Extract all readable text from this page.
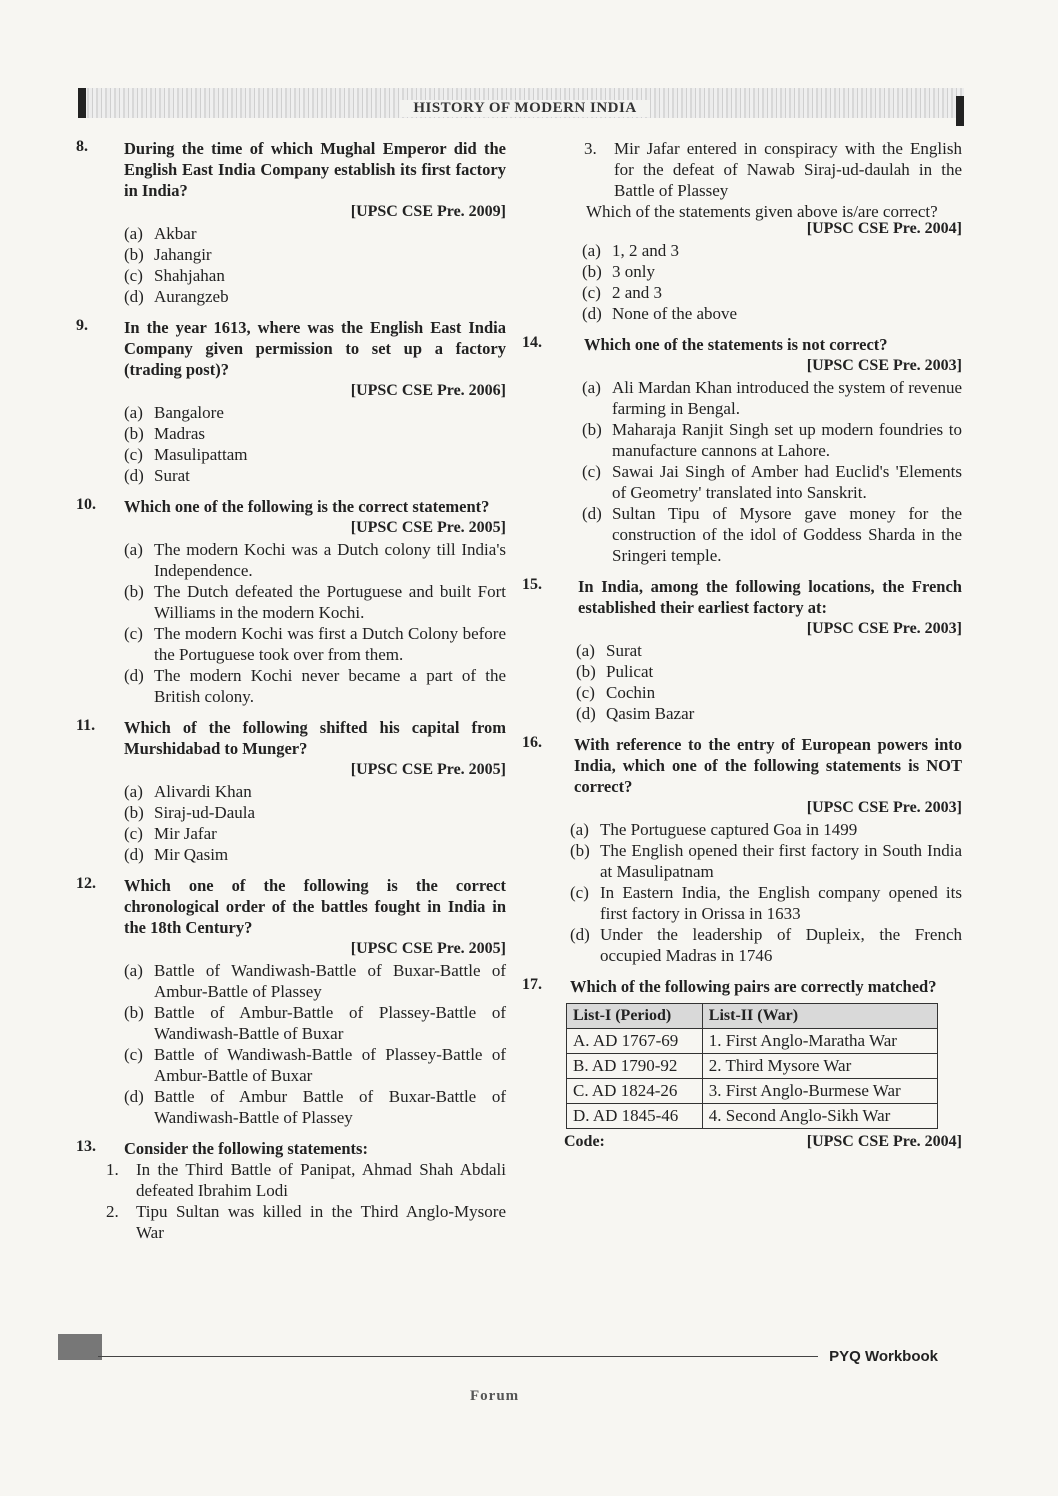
HISTORY OF MODERN INDIA
8. During the time of which Mughal Emperor did the English East India Company establish its first factory in India?
[UPSC CSE Pre. 2009]
(a) Akbar
(b) Jahangir
(c) Shahjahan
(d) Aurangzeb
9. In the year 1613, where was the English East India Company given permission to set up a factory (trading post)?
[UPSC CSE Pre. 2006]
(a) Bangalore
(b) Madras
(c) Masulipattam
(d) Surat
10. Which one of the following is the correct statement?
[UPSC CSE Pre. 2005]
(a) The modern Kochi was a Dutch colony till India's Independence.
(b) The Dutch defeated the Portuguese and built Fort Williams in the modern Kochi.
(c) The modern Kochi was first a Dutch Colony before the Portuguese took over from them.
(d) The modern Kochi never became a part of the British colony.
11. Which of the following shifted his capital from Murshidabad to Munger?
[UPSC CSE Pre. 2005]
(a) Alivardi Khan
(b) Siraj-ud-Daula
(c) Mir Jafar
(d) Mir Qasim
12. Which one of the following is the correct chronological order of the battles fought in India in the 18th Century?
[UPSC CSE Pre. 2005]
(a) Battle of Wandiwash-Battle of Buxar-Battle of Ambur-Battle of Plassey
(b) Battle of Ambur-Battle of Plassey-Battle of Wandiwash-Battle of Buxar
(c) Battle of Wandiwash-Battle of Plassey-Battle of Ambur-Battle of Buxar
(d) Battle of Ambur Battle of Buxar-Battle of Wandiwash-Battle of Plassey
13. Consider the following statements:
1.	In the Third Battle of Panipat, Ahmad Shah Abdali defeated Ibrahim Lodi
2.	Tipu Sultan was killed in the Third Anglo-Mysore War
3.	Mir Jafar entered in conspiracy with the English for the defeat of Nawab Siraj-ud-daulah in the Battle of Plassey
Which of the statements given above is/are correct?
[UPSC CSE Pre. 2004]
(a) 1, 2 and 3
(b) 3 only
(c) 2 and 3
(d) None of the above
14.	Which one of the statements is not correct?
[UPSC CSE Pre. 2003]
(a) Ali Mardan Khan introduced the system of revenue farming in Bengal.
(b) Maharaja Ranjit Singh set up modern foundries to manufacture cannons at Lahore.
(c) Sawai Jai Singh of Amber had Euclid's 'Elements of Geometry' translated into Sanskrit.
(d) Sultan Tipu of Mysore gave money for the construction of the idol of Goddess Sharda in the Sringeri temple.
15. In India, among the following locations, the French established their earliest factory at:
[UPSC CSE Pre. 2003]
(a) Surat
(b) Pulicat
(c) Cochin
(d) Qasim Bazar
16. With reference to the entry of European powers into India, which one of the following statements is NOT correct?
[UPSC CSE Pre. 2003]
(a) The Portuguese captured Goa in 1499
(b) The English opened their first factory in South India at Masulipatnam
(c) In Eastern India, the English company opened its first factory in Orissa in 1633
(d) Under the leadership of Dupleix, the French occupied Madras in 1746
17. Which of the following pairs are correctly matched?
List-I (Period)	List-II (War)
A. AD 1767-69	1. First Anglo-Maratha War
B. AD 1790-92	2. Third Mysore War
C. AD 1824-26	3. First Anglo-Burmese War
D. AD 1845-46	4. Second Anglo-Sikh War
Code:	[UPSC CSE Pre. 2004]
PYQ Workbook
Forum
